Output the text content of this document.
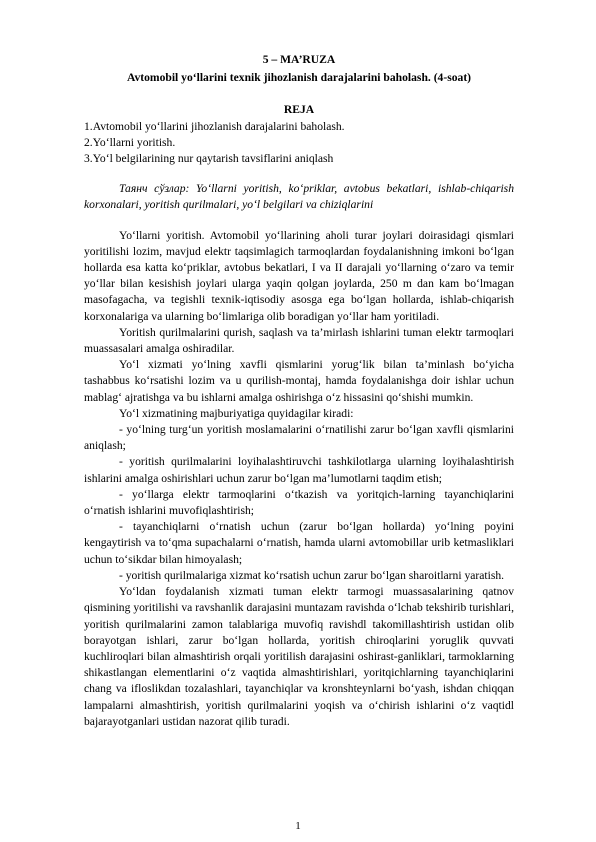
5 – MA’RUZA

Avtomobil yo‘llarini texnik jihozlanish darajalarini baholash. (4-soat)

REJA

1.Avtomobil yo‘llarini jihozlanish darajalarini baholash.

2.Yo‘llarni yoritish.

3.Yo‘l belgilarining nur qaytarish tavsiflarini aniqlash

Таянч сўзлар: Yo‘llarni yoritish, ko‘priklar, avtobus bekatlari, ishlab-chiqarish korxonalari, yoritish qurilmalari, yo‘l belgilari va chiziqlarini

Yo‘llarni yoritish. Avtomobil yo‘llarining aholi turar joylari doirasidagi qismlari yoritilishi lozim, mavjud elektr taqsimlagich tarmoqlardan foydalanishning imkoni bo‘lgan hollarda esa katta ko‘priklar, avtobus bekatlari, I va II darajali yo‘llarning o‘zaro va temir yo‘llar bilan kesishish joylari ularga yaqin qolgan joylarda, 250 m dan kam bo‘lmagan masofagacha, va tegishli texnik-iqtisodiy asosga ega bo‘lgan hollarda, ishlab-chiqarish korxonalariga va ularning bo‘limlariga olib boradigan yo‘llar ham yoritiladi.

Yoritish qurilmalarini qurish, saqlash va ta’mirlash ishlarini tuman elektr tarmoqlari muassasalari amalga oshiradilar.

Yo‘l xizmati yo‘lning xavfli qismlarini yorug‘lik bilan ta’minlash bo‘yicha tashabbus ko‘rsatishi lozim va u qurilish-montaj, hamda foydalanishga doir ishlar uchun mablag‘ ajratishga va bu ishlarni amalga oshirishga o‘z hissasini qo‘shishi mumkin.

Yo‘l xizmatining majburiyatiga quyidagilar kiradi:

- yo‘lning turg‘un yoritish moslamalarini o‘rnatilishi zarur bo‘lgan xavfli qismlarini aniqlash;

- yoritish qurilmalarini loyihalashtiruvchi tashkilotlarga ularning loyihalashtirish ishlarini amalga oshirishlari uchun zarur bo‘lgan ma’lumotlarni taqdim etish;

- yo‘llarga elektr tarmoqlarini o‘tkazish va yoritqich-larning tayanchiqlarini o‘rnatish ishlarini muvofiqlashtirish;

- tayanchiqlarni o‘rnatish uchun (zarur bo‘lgan hollarda) yo‘lning poyini kengaytirish va to‘qma supachalarni o‘rnatish, hamda ularni avtomobillar urib ketmasliklari uchun to‘sikdar bilan himoyalash;

- yoritish qurilmalariga xizmat ko‘rsatish uchun zarur bo‘lgan sharoitlarni yaratish.

Yo‘ldan foydalanish xizmati tuman elektr tarmogi muassasalarining qatnov qismining yoritilishi va ravshanlik darajasini muntazam ravishda o‘lchab tekshirib turishlari, yoritish qurilmalarini zamon talablariga muvofiq ravishdl takomillashtirish ustidan olib borayotgan ishlari, zarur bo‘lgan hollarda, yoritish chiroqlarini yoruglik quvvati kuchliroqlari bilan almashtirish orqali yoritilish darajasini oshirast-ganliklari, tarmoklarning shikastlangan elementlarini o‘z vaqtida almashtirishlari, yoritqichlarning tayanchiqlarini chang va ifloslikdan tozalashlari, tayanchiqlar va kronshteynlarni bo‘yash, ishdan chiqqan lampalarni almashtirish, yoritish qurilmalarini yoqish va o‘chirish ishlarini o‘z vaqtidl bajarayotganlari ustidan nazorat qilib turadi.

1
